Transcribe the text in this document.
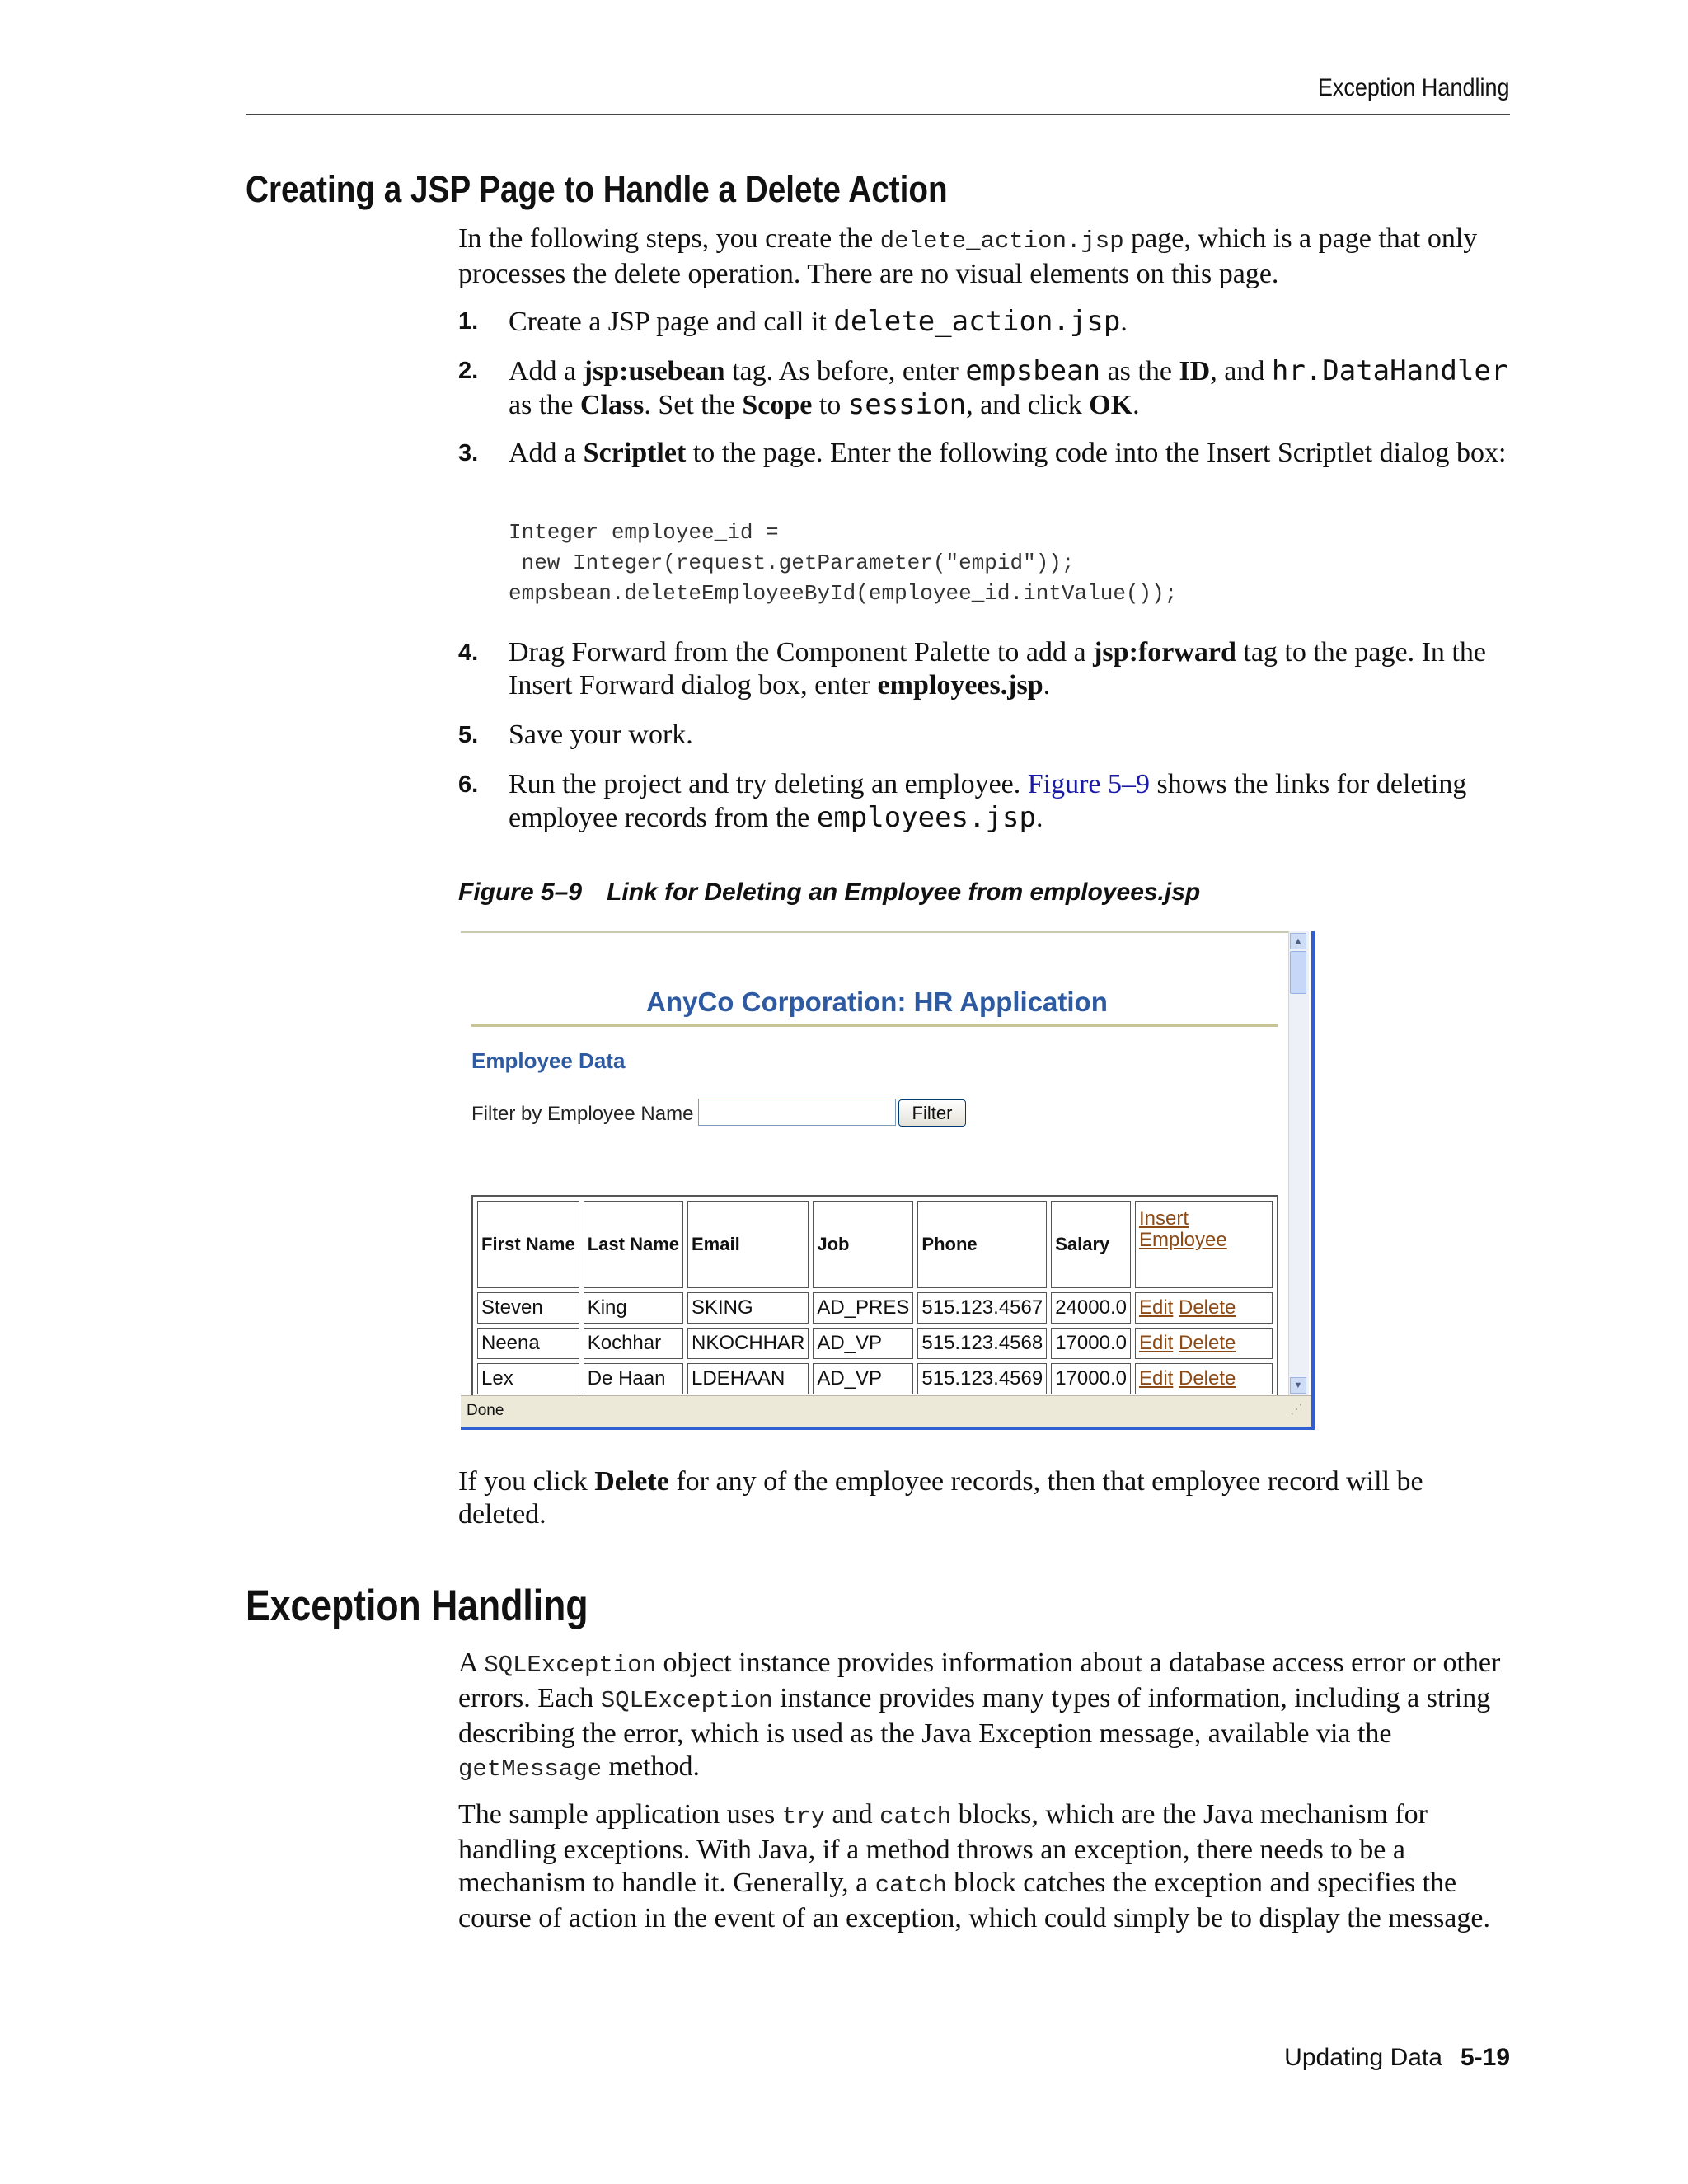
Exception Handling
Creating a JSP Page to Handle a Delete Action

In the following steps, you create the delete_action.jsp page, which is a page that only processes the delete operation. There are no visual elements on this page.

1. Create a JSP page and call it delete_action.jsp.
2. Add a jsp:usebean tag. As before, enter empsbean as the ID, and hr.DataHandler as the Class. Set the Scope to session, and click OK.
3. Add a Scriptlet to the page. Enter the following code into the Insert Scriptlet dialog box:
Integer employee_id =
new Integer(request.getParameter("empid"));
empsbean.deleteEmployeeById(employee_id.intValue());
4. Drag Forward from the Component Palette to add a jsp:forward tag to the page. In the Insert Forward dialog box, enter employees.jsp.
5. Save your work.
6. Run the project and try deleting an employee. Figure 5–9 shows the links for deleting employee records from the employees.jsp.
Figure 5–9 Link for Deleting an Employee from employees.jsp
AnyCo Corporation: HR Application
Employee Data
Filter by Employee Name	Filter
First Name	Last Name	Email	Job	Phone	Salary	Insert
Employee
Steven	King	SKING	AD_PRES	515.123.4567	24000.0	Edit Delete
Neena	Kochhar	NKOCHHAR	AD_VP	515.123.4568	17000.0	Edit Delete
Lex	De Haan	LDEHAAN	AD_VP	515.123.4569	17000.0	Edit Delete
▲
▼
Done	⋰

If you click Delete for any of the employee records, then that employee record will be deleted.

Exception Handling

A SQLException object instance provides information about a database access error or other errors. Each SQLException instance provides many types of information, including a string describing the error, which is used as the Java Exception message, available via the getMessage method.

The sample application uses try and catch blocks, which are the Java mechanism for handling exceptions. With Java, if a method throws an exception, there needs to be a mechanism to handle it. Generally, a catch block catches the exception and specifies the course of action in the event of an exception, which could simply be to display the message.

Updating Data 5-19
